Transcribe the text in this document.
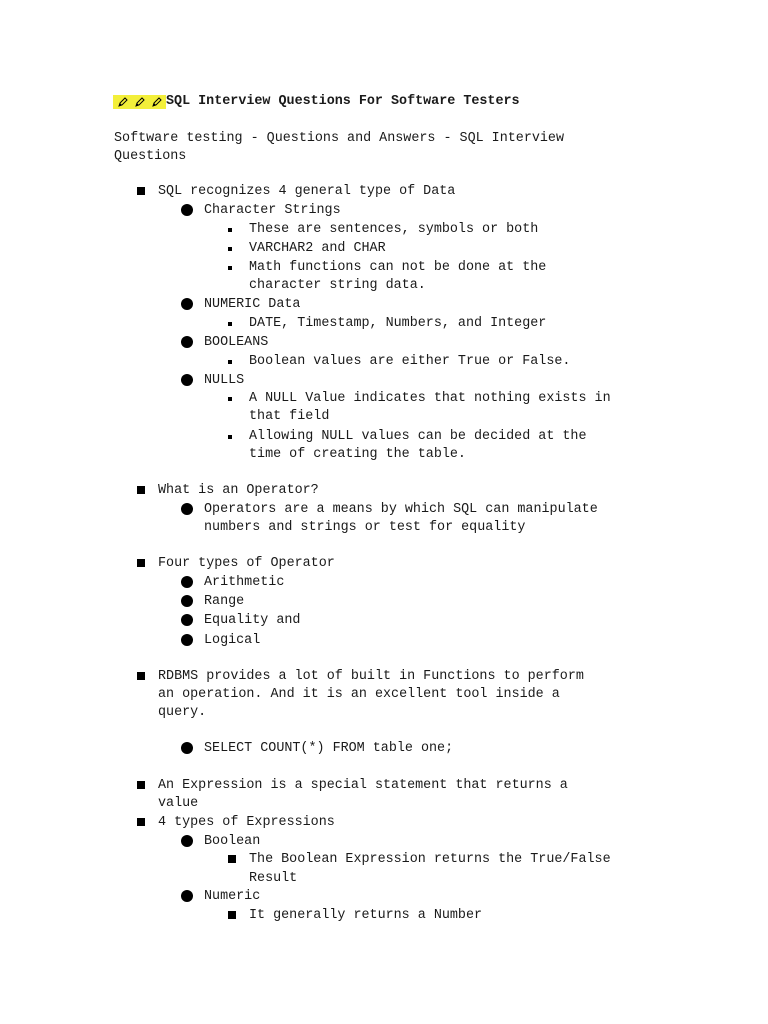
SQL Interview Questions For Software Testers
Software testing - Questions and Answers - SQL Interview Questions
SQL recognizes 4 general type of Data
Character Strings
These are sentences, symbols or both
VARCHAR2 and CHAR
Math functions can not be done at the
character string data.
NUMERIC Data
DATE, Timestamp, Numbers, and Integer
BOOLEANS
Boolean values are either True or False.
NULLS
A NULL Value indicates that nothing exists in
that field
Allowing NULL values can be decided at the
time of creating the table.
What is an Operator?
Operators are a means by which SQL can manipulate
numbers and strings or test for equality
Four types of Operator
Arithmetic
Range
Equality and
Logical
RDBMS provides a lot of built in Functions to perform
an operation. And it is an excellent tool inside a
query.
SELECT COUNT(*) FROM table one;
An Expression is a special statement that returns a
value
4 types of Expressions
Boolean
The Boolean Expression returns the True/False
Result
Numeric
It generally returns a Number
